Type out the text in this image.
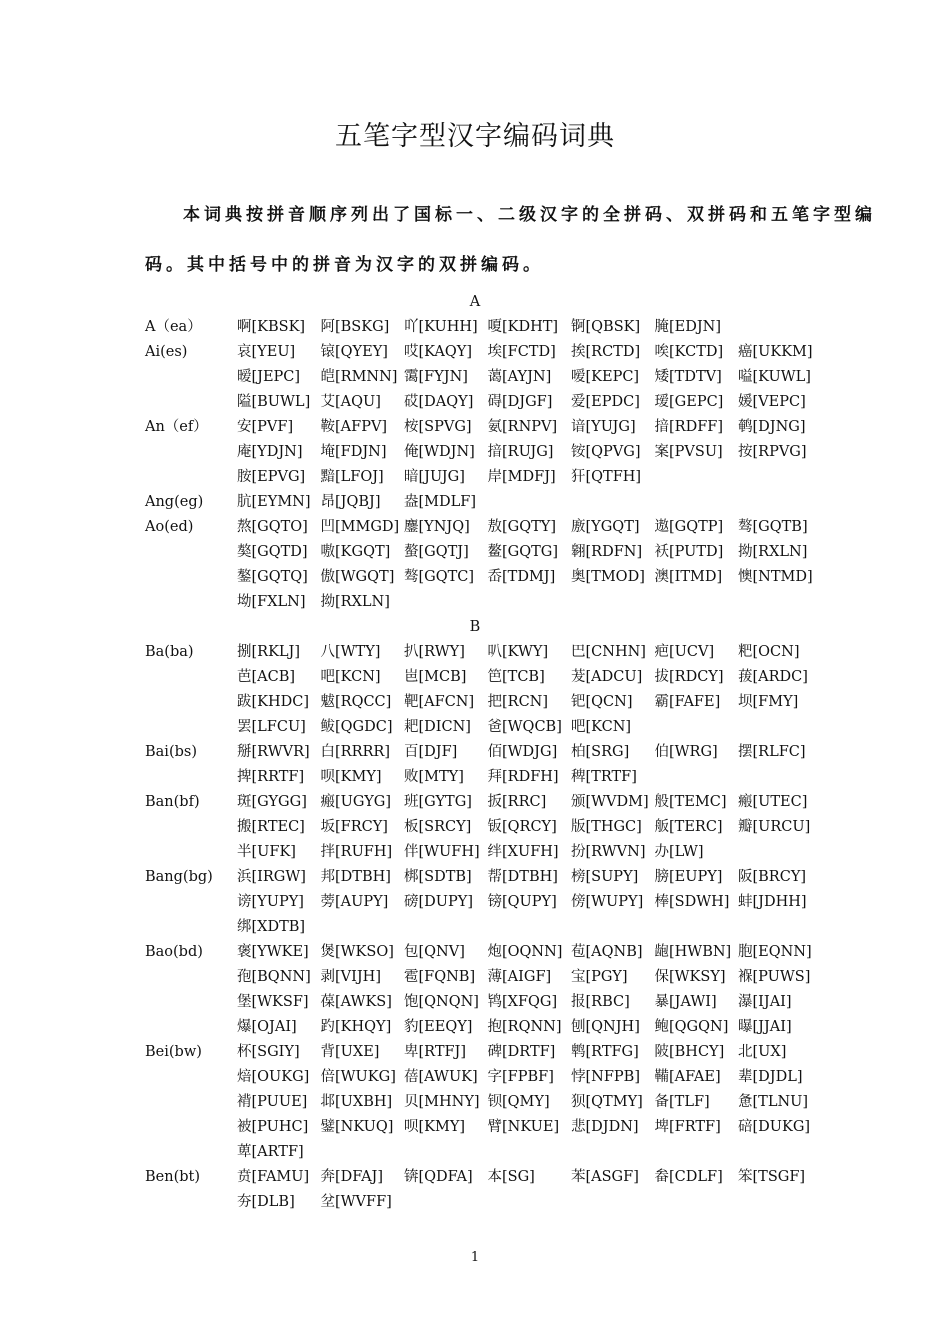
五笔字型汉字编码词典
本词典按拼音顺序列出了国标一、二级汉字的全拼码、双拼码和五笔字型编
码。其中括号中的拼音为汉字的双拼编码。
A
A（ea）	啊[KBSK]	阿[BSKG]	吖[KUHH] 嗄[KDHT] 锕[QBSK] 腌[EDJN]
Ai(es)	哀[YEU]	锿[QYEY]	哎[KAQY]	埃[FCTD]	挨[RCTD] 唉[KCTD]	癌[UKKM]
暧[JEPC]	皑[RMNN] 霭[FYJN]	蔼[AYJN]	嗳[KEPC]	矮[TDTV]	嗌[KUWL]
隘[BUWL] 艾[AQU]	砹[DAQY] 碍[DJGF]	爱[EPDC]	瑷[GEPC]	媛[VEPC]
An（ef）	安[PVF]	鞍[AFPV]	桉[SPVG]	氨[RNPV] 谙[YUJG]	揞[RDFF]	鹌[DJNG]
庵[YDJN]	埯[FDJN]	俺[WDJN] 揞[RUJG]	铵[QPVG] 案[PVSU]	按[RPVG]
胺[EPVG]	黯[LFOJ]	暗[JUJG]	岸[MDFJ]	犴[QTFH]
Ang(eg)	肮[EYMN] 昂[JQBJ]	盎[MDLF]
Ao(ed)	熬[GQTO] 凹[MMGD] 鏖[YNJQ]	敖[GQTY]	廒[YGQT]	遨[GQTP]	骜[GQTB]
獒[GQTD] 嗷[KGQT] 螯[GQTJ]	鳌[GQTG] 翱[RDFN] 袄[PUTD]	拗[RXLN]
鏊[GQTQ] 傲[WGQT] 骜[GQTC] 岙[TDMJ]	奥[TMOD] 澳[ITMD]	懊[NTMD]
坳[FXLN]	拗[RXLN]
B
Ba(ba)	捌[RKLJ]	八[WTY]	扒[RWY]	叭[KWY]	巴[CNHN] 疤[UCV]	粑[OCN]
芭[ACB]	吧[KCN]	岜[MCB]	笆[TCB]	茇[ADCU] 拔[RDCY] 菝[ARDC]
跋[KHDC] 魃[RQCC] 靶[AFCN] 把[RCN]	钯[QCN]	霸[FAFE]	坝[FMY]
罢[LFCU]	鲅[QGDC] 耙[DICN]	爸[WQCB] 吧[KCN]
Bai(bs)	掰[RWVR] 白[RRRR] 百[DJF]	佰[WDJG] 柏[SRG]	伯[WRG]	摆[RLFC]
捭[RRTF]	呗[KMY]	败[MTY]	拜[RDFH] 稗[TRTF]
Ban(bf)	斑[GYGG] 瘢[UGYG] 班[GYTG]	扳[RRC]	颁[WVDM] 般[TEMC] 瘢[UTEC]
搬[RTEC]	坂[FRCY]	板[SRCY]	钣[QRCY] 版[THGC] 舨[TERC]	瓣[URCU]
半[UFK]	拌[RUFH] 伴[WUFH] 绊[XUFH] 扮[RWVN] 办[LW]
Bang(bg)	浜[IRGW]	邦[DTBH] 梆[SDTB]	帮[DTBH] 榜[SUPY]	膀[EUPY]	阪[BRCY]
谤[YUPY]	蒡[AUPY]	磅[DUPY]	镑[QUPY] 傍[WUPY] 棒[SDWH] 蚌[JDHH]
绑[XDTB]
Bao(bd)	褒[YWKE] 煲[WKSO] 包[QNV]	炮[OQNN] 苞[AQNB] 龅[HWBN] 胞[EQNN]
孢[BQNN] 剥[VIJH]	雹[FQNB] 薄[AIGF]	宝[PGY]	保[WKSY] 褓[PUWS]
堡[WKSF] 葆[AWKS] 饱[QNQN] 鸨[XFQG] 报[RBC]	暴[JAWI]	瀑[IJAI]
爆[OJAI]	趵[KHQY] 豹[EEQY]	抱[RQNN] 刨[QNJH]	鲍[QGQN] 曝[JJAI]
Bei(bw)	杯[SGIY]	背[UXE]	卑[RTFJ]	碑[DRTF]	鹎[RTFG]	陂[BHCY] 北[UX]
焙[OUKG] 倍[WUKG] 蓓[AWUK] 字[FPBF]	悖[NFPB]	鞴[AFAE]	辈[DJDL]
褙[PUUE] 邶[UXBH] 贝[MHNY] 钡[QMY]	狈[QTMY] 备[TLF]	惫[TLNU]
被[PUHC] 鐾[NKUQ] 呗[KMY]	臂[NKUE] 悲[DJDN]	埤[FRTF]	碚[DUKG]
萆[ARTF]
Ben(bt)	贲[FAMU] 奔[DFAJ]	锛[QDFA]	本[SG]	苯[ASGF]	畚[CDLF]	笨[TSGF]
夯[DLB]	坌[WVFF]
1
